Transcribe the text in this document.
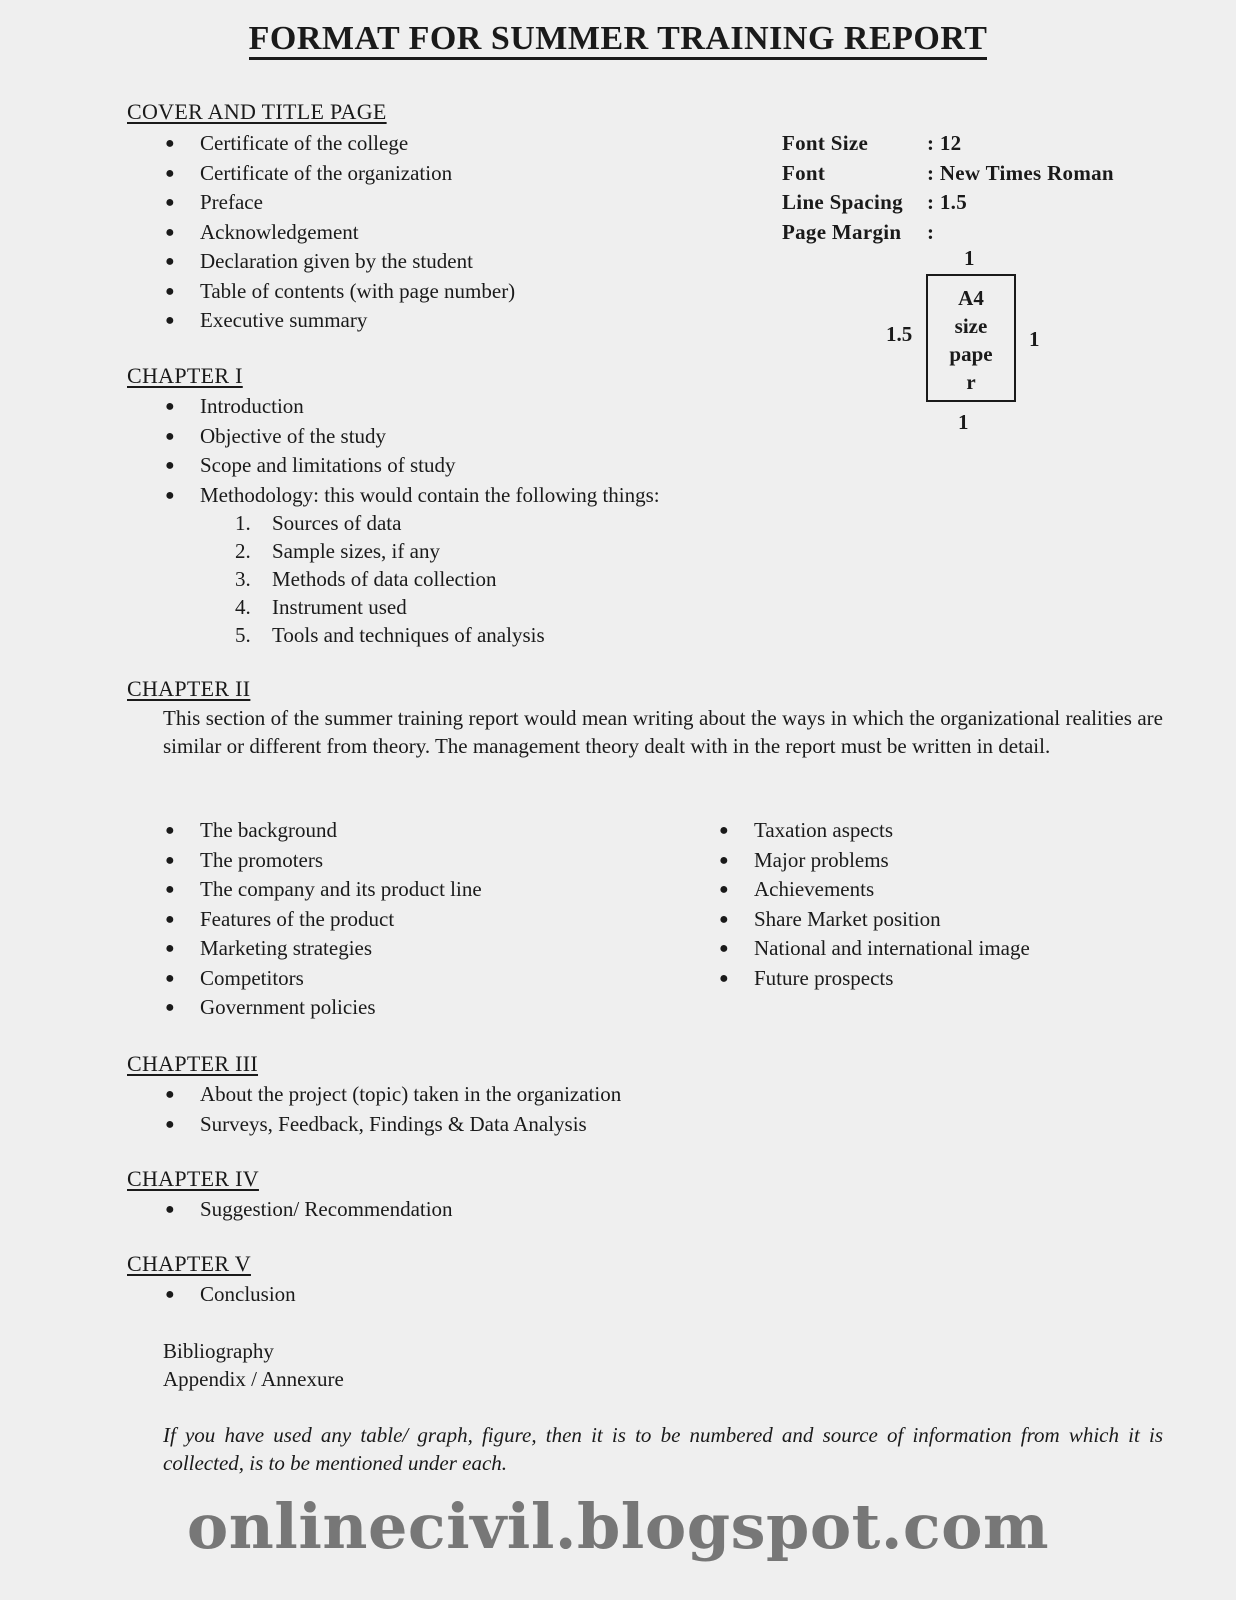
FORMAT FOR SUMMER TRAINING REPORT
COVER AND TITLE PAGE
● Certificate of the college
● Certificate of the organization
● Preface
● Acknowledgement
● Declaration given by the student
● Table of contents (with page number)
● Executive summary
Font Size	: 12
Font	: New Times Roman
Line Spacing : 1.5
Page Margin :
1
1.5	1
1
A4
size
pape
r
CHAPTER I
● Introduction
● Objective of the study
● Scope and limitations of study
● Methodology: this would contain the following things:
1. Sources of data
2. Sample sizes, if any
3. Methods of data collection
4. Instrument used
5. Tools and techniques of analysis
CHAPTER II
This section of the summer training report would mean writing about the ways in which the organizational realities are similar or different from theory. The management theory dealt with in the report must be written in detail.
● The background
● The promoters
● The company and its product line
● Features of the product
● Marketing strategies
● Competitors
● Government policies
● Taxation aspects
● Major problems
● Achievements
● Share Market position
● National and international image
● Future prospects
CHAPTER III
● About the project (topic) taken in the organization
● Surveys, Feedback, Findings & Data Analysis
CHAPTER IV
● Suggestion/ Recommendation
CHAPTER V
● Conclusion
Bibliography
Appendix / Annexure
If you have used any table/ graph, figure, then it is to be numbered and source of information from which it is collected, is to be mentioned under each.
onlinecivil.blogspot.com
